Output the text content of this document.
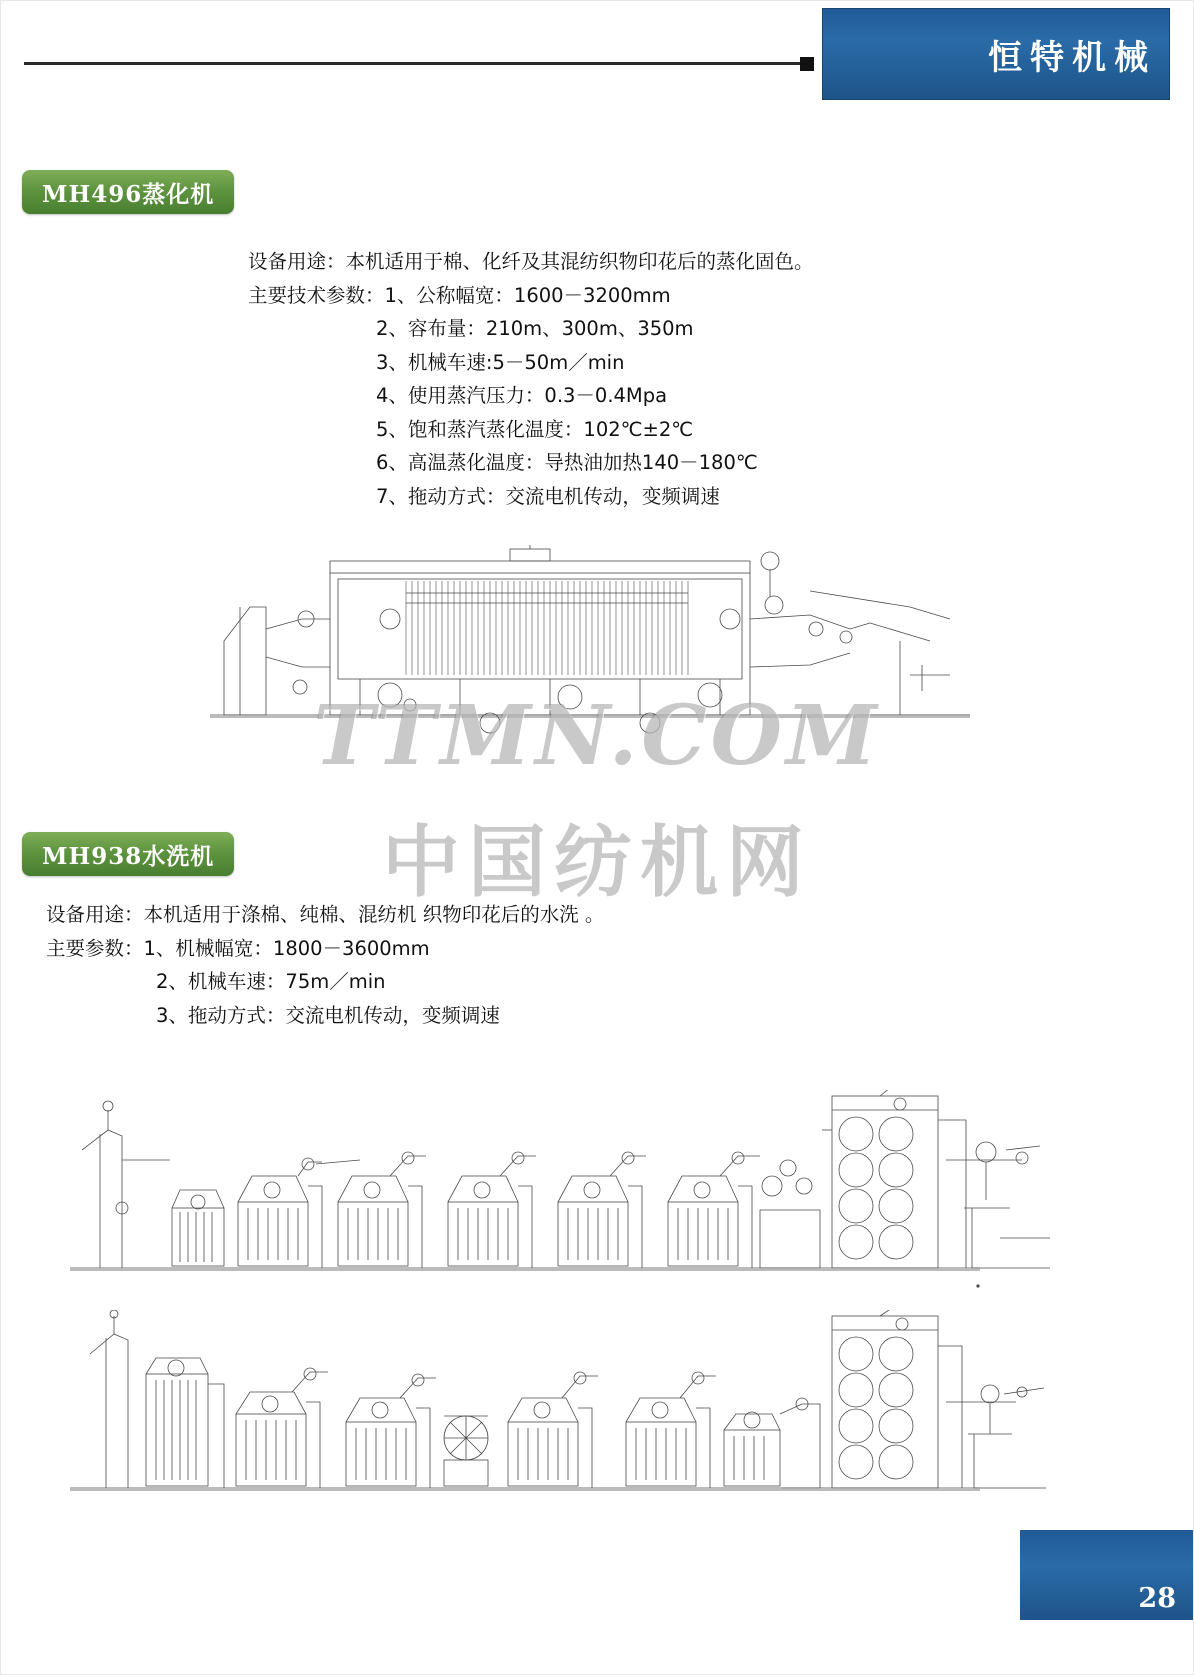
恒特机械
MH496蒸化机
设备用途： 本机适用于棉、化纤及其混纺织物印花后的蒸化固色。
主要技术参数： 1、公称幅宽：1600－3200mm
2、容布量：210m、300m、350m
3、机械车速:5－50m／min
4、使用蒸汽压力：0.3－0.4Mpa
5、饱和蒸汽蒸化温度：102℃±2℃
6、高温蒸化温度：导热油加热140－180℃
7、拖动方式：交流电机传动，变频调速
TTMN.COM
中国纺机网
MH938水洗机
设备用途： 本机适用于涤棉、纯棉、混纺机 织物印花后的水洗 。
主要参数： 1、机械幅宽：1800－3600mm
2、机械车速：75m／min
3、拖动方式：交流电机传动，变频调速
28
